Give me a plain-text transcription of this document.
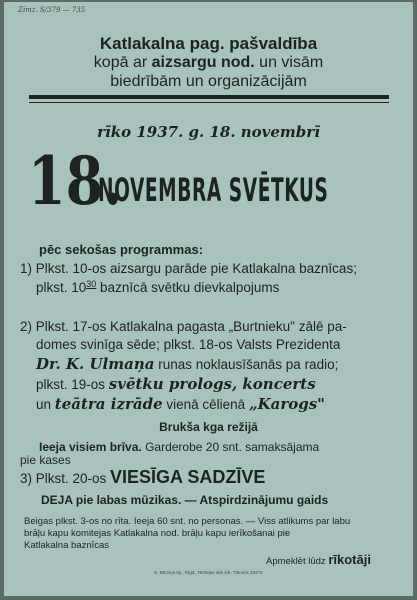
Zīmz. S/379 — 735
Katlakalna pag. pašvaldība
kopā ar aizsargu nod. un visām
biedrībām un organizācijām
rīko 1937. g. 18. novembrī
18.
NOVEMBRA SVĒTKUS
pēc sekošas programmas:
1) Plkst. 10-os aizsargu parāde pie Katlakalna baznīcas;
plkst. $10^{30}$ baznīcā svētku dievkalpojums
2) Plkst. 17-os Katlakalna pagasta „Burtnieku" zālē pa-
domes svinīga sēde; plkst. 18-os Valsts Prezidenta
Dr. K. Ulmaņa runas noklausīšanās pa radio;
plkst. 19-os svētku prologs, koncerts
un teātra izrāde vienā cēlienā „Karogs"
Brukša kga režijā
Ieeja visiem brīva. Garderobe 20 snt. samaksājama
pie kases
3) Plkst. 20-os VIESĪGA SADZĪVE
DEJA pie labas mūzikas. — Atspirdzinājumu gaids
Beigas plkst. 3-os no rīta. Ieeja 60 snt. no personas. — Viss atlikums par labu
brāļu kapu komitejas Katlakalna nod. brāļu kapu ierīkošanai pie
Katlakalna baznīcas
Apmeklēt lūdz rīkotāji
K. Bērziņa tip., Rīgā, Tērbatas ielā 4/6. Tālrunis 28475
